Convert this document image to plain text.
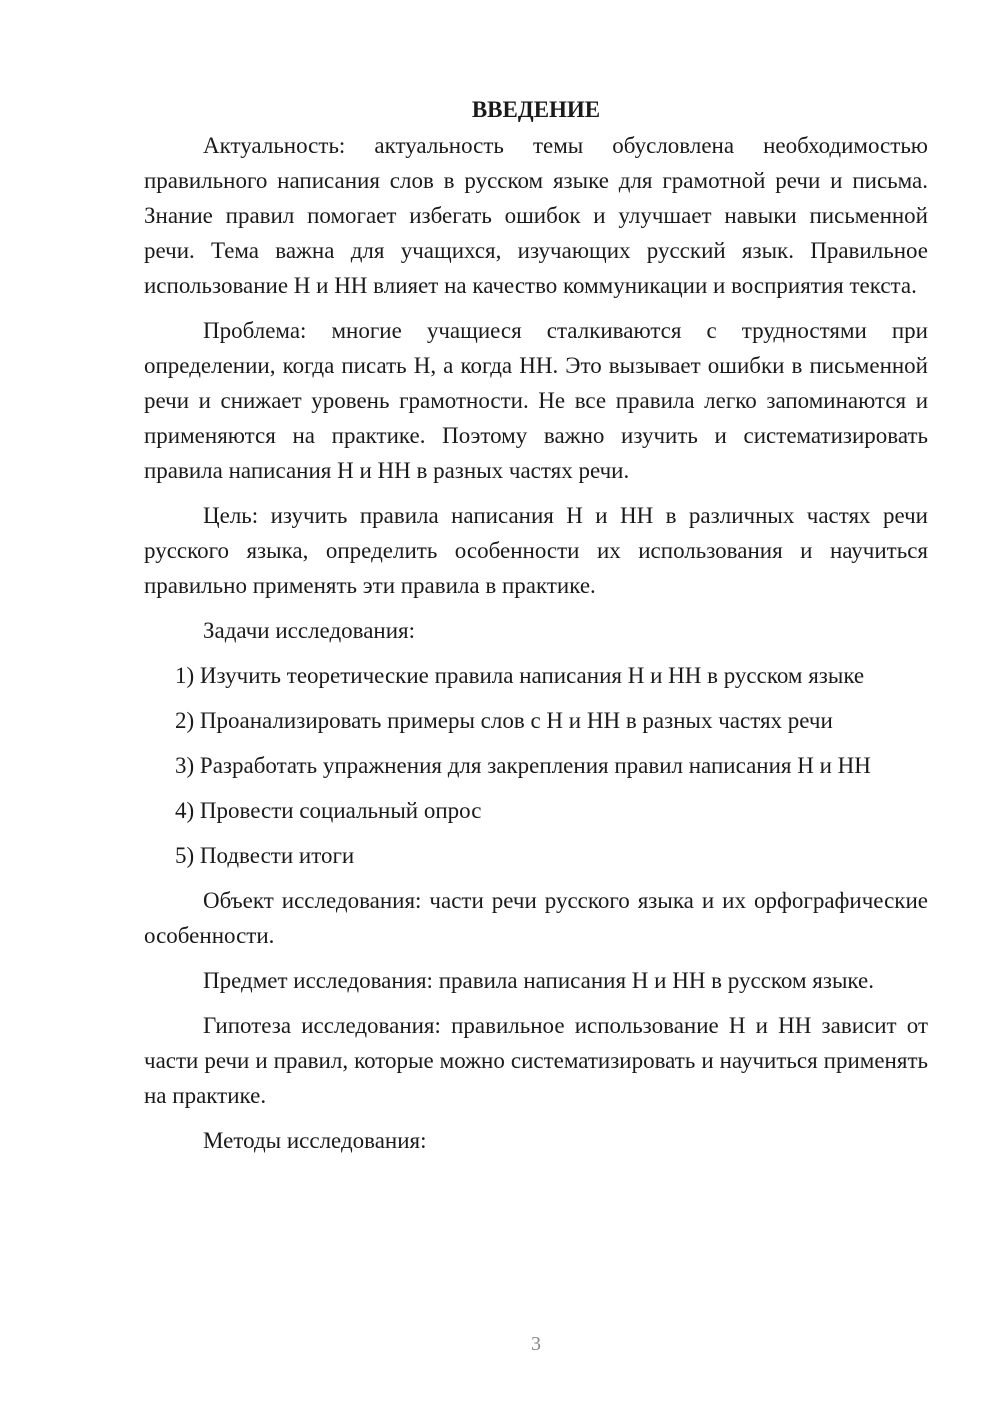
ВВЕДЕНИЕ

Актуальность: актуальность темы обусловлена необходимостью правильного написания слов в русском языке для грамотной речи и письма. Знание правил помогает избегать ошибок и улучшает навыки письменной речи. Тема важна для учащихся, изучающих русский язык. Правильное использование Н и НН влияет на качество коммуникации и восприятия текста.

Проблема: многие учащиеся сталкиваются с трудностями при определении, когда писать Н, а когда НН. Это вызывает ошибки в письменной речи и снижает уровень грамотности. Не все правила легко запоминаются и применяются на практике. Поэтому важно изучить и систематизировать правила написания Н и НН в разных частях речи.

Цель: изучить правила написания Н и НН в различных частях речи русского языка, определить особенности их использования и научиться правильно применять эти правила в практике.

Задачи исследования:

1) Изучить теоретические правила написания Н и НН в русском языке
2) Проанализировать примеры слов с Н и НН в разных частях речи
3) Разработать упражнения для закрепления правил написания Н и НН
4) Провести социальный опрос
5) Подвести итоги

Объект исследования: части речи русского языка и их орфографические особенности.

Предмет исследования: правила написания Н и НН в русском языке.

Гипотеза исследования: правильное использование Н и НН зависит от части речи и правил, которые можно систематизировать и научиться применять на практике.

Методы исследования:

3
